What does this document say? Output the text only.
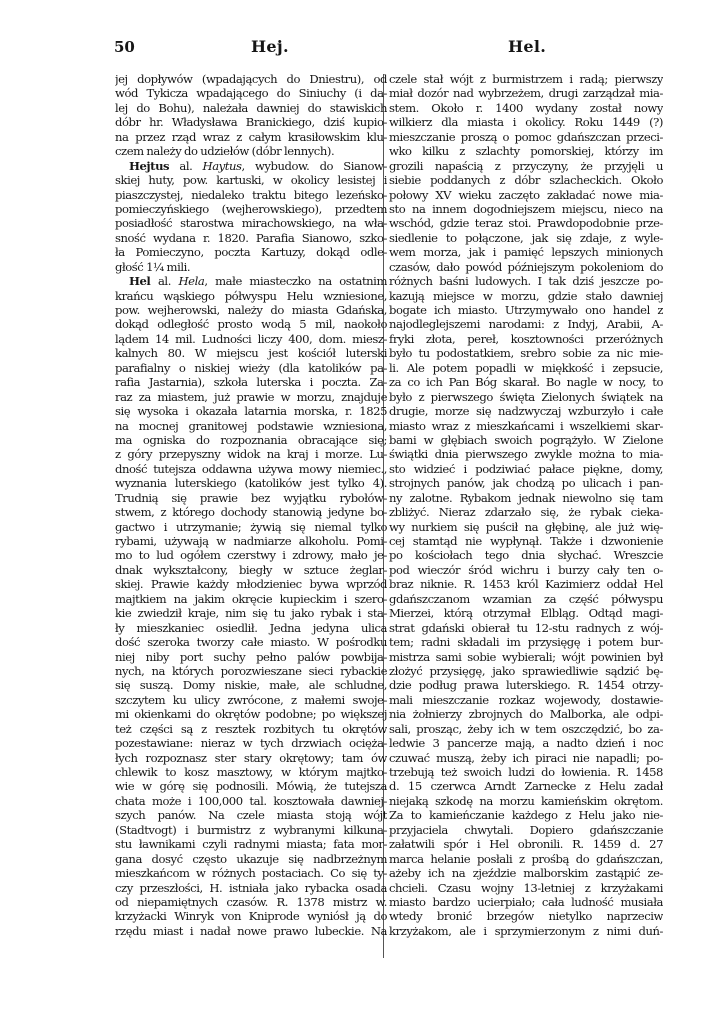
50	Hej.	Hel.
jej dopływów (wpadających do Dniestru), od
wód Tykicza wpadającego do Siniuchy (i da-
lej do Bohu), należała dawniej do stawiskich
dóbr hr. Władysława Branickiego, dziś kupio-
na przez rząd wraz z całym krasiłowskim klu-
czem należy do udziełów (dóbr lennych).
Hejtus al. Haytus, wybudow. do Sianow-
skiej huty, pow. kartuski, w okolicy lesistej i
piaszczystej, niedaleko traktu bitego lezeńsko-
pomieczyńskiego (wejherowskiego), przedtem
posiadłość starostwa mirachowskiego, na wła-
sność wydana r. 1820. Parafia Sianowo, szko-
ła Pomieczyno, poczta Kartuzy, dokąd odle-
głość 1¼ mili.
Hel al. Hela, małe miasteczko na ostatnim
krańcu wąskiego półwyspu Helu wzniesione,
pow. wejherowski, należy do miasta Gdańska,
dokąd odległość prosto wodą 5 mil, naokoło
lądem 14 mil. Ludności liczy 400, dom. miesz-
kalnych 80. W miejscu jest kościół luterski
parafialny o niskiej wieży (dla katolików pa-
rafia Jastarnia), szkoła luterska i poczta. Za-
raz za miastem, już prawie w morzu, znajduje
się wysoka i okazała latarnia morska, r. 1825
na mocnej granitowej podstawie wzniesiona,
ma ogniska do rozpoznania obracające się;
z góry przepyszny widok na kraj i morze. Lu-
dność tutejsza oddawna używa mowy niemiec.,
wyznania luterskiego (katolików jest tylko 4).
Trudnią się prawie bez wyjątku rybołów-
stwem, z którego dochody stanowią jedyne bo-
gactwo i utrzymanie; żywią się niemal tylko
rybami, używają w nadmiarze alkoholu. Pomi-
mo to lud ogółem czerstwy i zdrowy, mało je-
dnak wykształcony, biegły w sztuce żeglar-
skiej. Prawie każdy młodzieniec bywa wprzód
majtkiem na jakim okręcie kupieckim i szero-
kie zwiedził kraje, nim się tu jako rybak i sta-
ły mieszkaniec osiedlił. Jedna jedyna ulica
dość szeroka tworzy całe miasto. W pośrodku
niej niby port suchy pełno palów powbija-
nych, na których porozwieszane sieci rybackie
się suszą. Domy niskie, małe, ale schludne,
szczytem ku ulicy zwrócone, z małemi swoje-
mi okienkami do okrętów podobne; po większej
też części są z resztek rozbitych tu okrętów
pozestawiane: nieraz w tych drzwiach ocięża-
łych rozpoznasz ster stary okrętowy; tam ów
chlewik to kosz masztowy, w którym majtko-
wie w górę się podnosili. Mówią, że tutejsza
chata może i 100,000 tal. kosztowała dawniej-
szych panów. Na czele miasta stoją wójt
(Stadtvogt) i burmistrz z wybranymi kilkuna-
stu ławnikami czyli radnymi miasta; fata mor-
gana dosyć często ukazuje się nadbrzeżnym
mieszkańcom w różnych postaciach. Co się ty-
czy przeszłości, H. istniała jako rybacka osada
od niepamiętnych czasów. R. 1378 mistrz w.
krzyżacki Winryk von Kniprode wyniósł ją do
rzędu miast i nadał nowe prawo lubeckie. Na
czele stał wójt z burmistrzem i radą; pierwszy
miał dozór nad wybrzeżem, drugi zarządzał mia-
stem. Około r. 1400 wydany został nowy
wilkierz dla miasta i okolicy. Roku 1449 (?)
mieszczanie proszą o pomoc gdańszczan przeci-
wko kilku z szlachty pomorskiej, którzy im
grozili napaścią z przyczyny, że przyjęli u
siebie poddanych z dóbr szlacheckich. Około
połowy XV wieku zaczęto zakładać nowe mia-
sto na innem dogodniejszem miejscu, nieco na
wschód, gdzie teraz stoi. Prawdopodobnie prze-
siedlenie to połączone, jak się zdaje, z wyle-
wem morza, jak i pamięć lepszych minionych
czasów, dało powód późniejszym pokoleniom do
różnych baśni ludowych. I tak dziś jeszcze po-
kazują miejsce w morzu, gdzie stało dawniej
bogate ich miasto. Utrzymywało ono handel z
najodleglejszemi narodami: z Indyj, Arabii, A-
fryki złota, pereł, kosztowności przeróżnych
było tu podostatkiem, srebro sobie za nic mie-
li. Ale potem popadli w miękkość i zepsucie,
za co ich Pan Bóg skarał. Bo nagle w nocy, to
było z pierwszego święta Zielonych świątek na
drugie, morze się nadzwyczaj wzburzyło i całe
miasto wraz z mieszkańcami i wszelkiemi skar-
bami w głębiach swoich pogrążyło. W Zielone
świątki dnia pierwszego zwykle można to mia-
sto widzieć i podziwiać pałace piękne, domy,
strojnych panów, jak chodzą po ulicach i pan-
ny zalotne. Rybakom jednak niewolno się tam
zbliżyć. Nieraz zdarzało się, że rybak cieka-
wy nurkiem się puścił na głębinę, ale już wię-
cej stamtąd nie wypłynął. Także i dzwonienie
po kościołach tego dnia słychać. Wreszcie
pod wieczór śród wichru i burzy cały ten o-
braz niknie. R. 1453 król Kazimierz oddał Hel
gdańszczanom wzamian za część półwyspu
Mierzei, którą otrzymał Elbląg. Odtąd magi-
strat gdański obierał tu 12-stu radnych z wój-
tem; radni składali im przysięgę i potem bur-
mistrza sami sobie wybierali; wójt powinien był
złożyć przysięgę, jako sprawiedliwie sądzić bę-
dzie podług prawa luterskiego. R. 1454 otrzy-
mali mieszczanie rozkaz wojewody, dostawie-
nia żołnierzy zbrojnych do Malborka, ale odpi-
sali, prosząc, żeby ich w tem oszczędzić, bo za-
ledwie 3 pancerze mają, a nadto dzień i noc
czuwać muszą, żeby ich piraci nie napadli; po-
trzebują też swoich ludzi do łowienia. R. 1458
d. 15 czerwca Arndt Zarnecke z Helu zadał
niejaką szkodę na morzu kamieńskim okrętom.
Za to kamieńczanie każdego z Helu jako nie-
przyjaciela chwytali. Dopiero gdańszczanie
załatwili spór i Hel obronili. R. 1459 d. 27
marca helanie posłali z prośbą do gdańszczan,
ażeby ich na zjeździe malborskim zastąpić ze-
chcieli. Czasu wojny 13-letniej z krzyżakami
miasto bardzo ucierpiało; cała ludność musiała
wtedy bronić brzegów nietylko naprzeciw
krzyżakom, ale i sprzymierzonym z nimi duń-
